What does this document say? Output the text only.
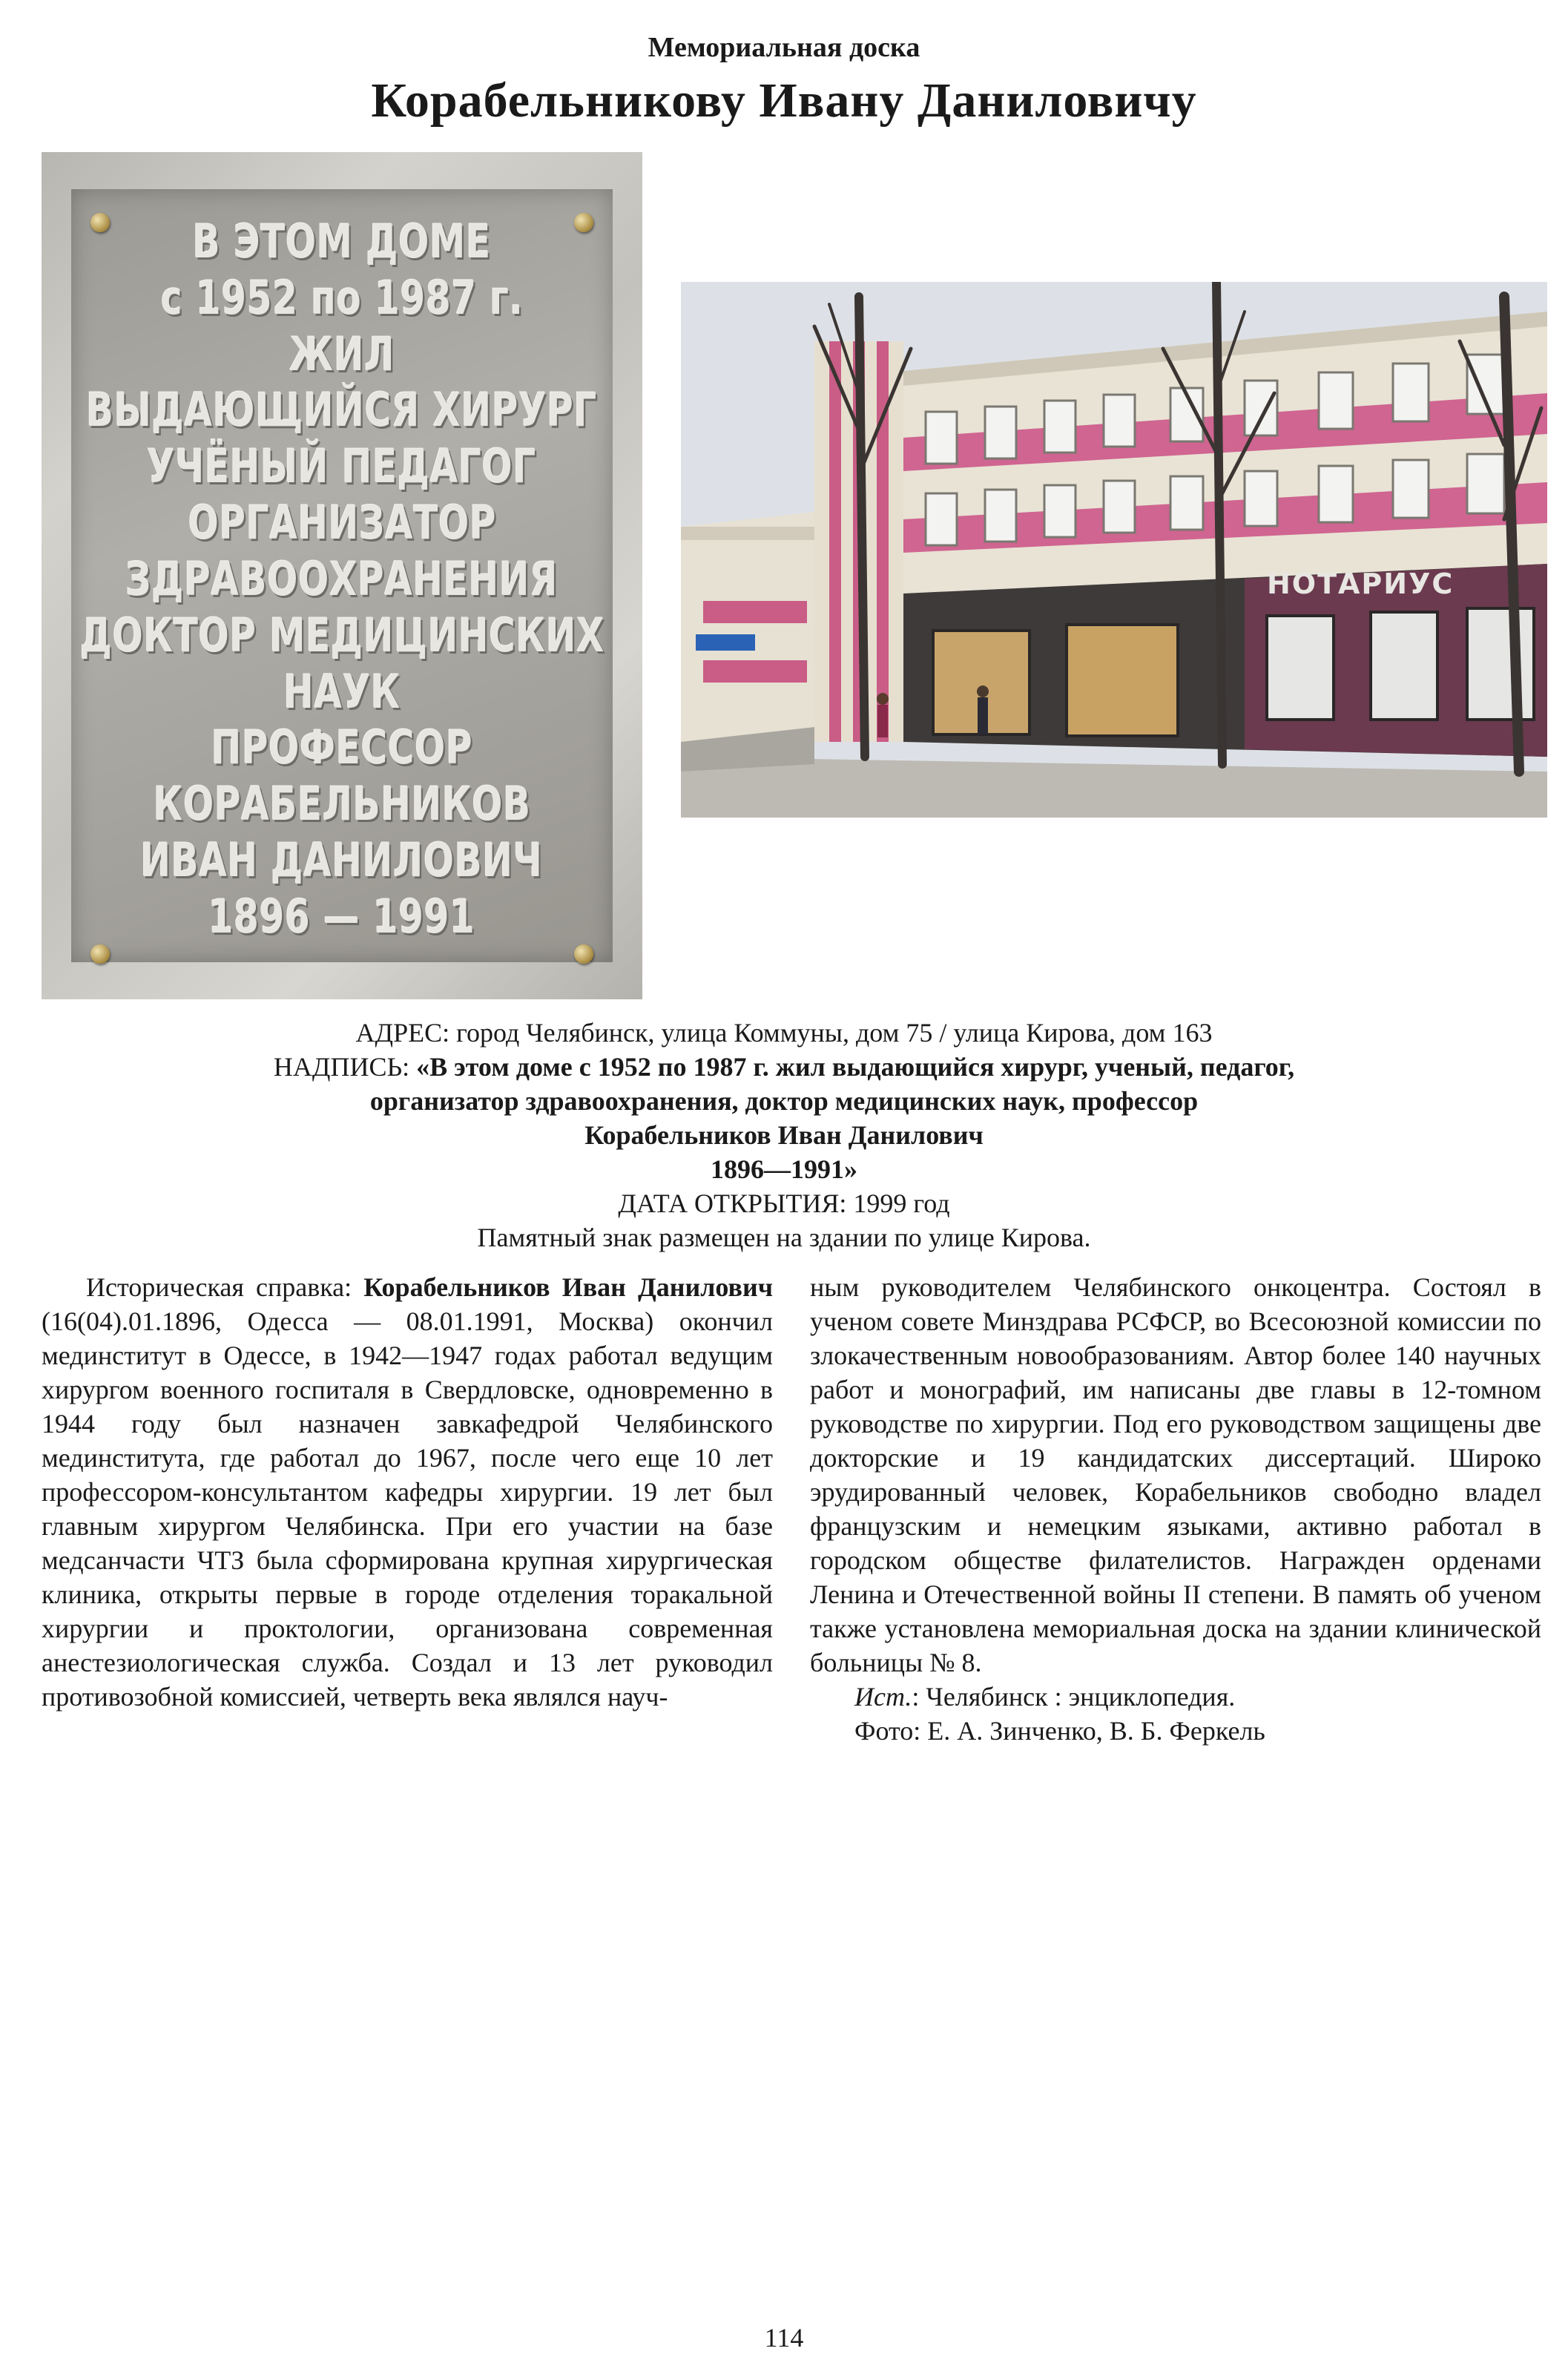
Мемориальная доска
Корабельникову Ивану Даниловичу
В ЭТОМ ДОМЕ
с 1952 по 1987 г.
ЖИЛ
ВЫДАЮЩИЙСЯ ХИРУРГ
УЧЁНЫЙ ПЕДАГОГ
ОРГАНИЗАТОР
ЗДРАВООХРАНЕНИЯ
ДОКТОР МЕДИЦИНСКИХ
НАУК
ПРОФЕССОР
КОРАБЕЛЬНИКОВ
ИВАН ДАНИЛОВИЧ
1896 — 1991
НОТАРИУС
АДРЕС: город Челябинск, улица Коммуны, дом 75 / улица Кирова, дом 163
НАДПИСЬ: «В этом доме с 1952 по 1987 г. жил выдающийся хирург, ученый, педагог,
организатор здравоохранения, доктор медицинских наук, профессор
Корабельников Иван Данилович
1896—1991»
ДАТА ОТКРЫТИЯ: 1999 год
Памятный знак размещен на здании по улице Кирова.

Историческая справка: Корабельников Иван Данилович (16(04).01.1896, Одесса — 08.01.1991, Москва) окончил мединститут в Одессе, в 1942—1947 годах работал ведущим хирургом военного госпиталя в Свердловске, одновременно в 1944 году был назначен завкафедрой Челябинского мединститута, где работал до 1967, после чего еще 10 лет профессором-консультантом кафедры хирургии. 19 лет был главным хирургом Челябинска. При его участии на базе медсанчасти ЧТЗ была сформирована крупная хирургическая клиника, открыты первые в городе отделения торакальной хирургии и проктологии, организована современная анестезиологическая служба. Создал и 13 лет руководил противозобной комиссией, четверть века являлся науч-

ным руководителем Челябинского онкоцентра. Состоял в ученом совете Минздрава РСФСР, во Всесоюзной комиссии по злокачественным новообразованиям. Автор более 140 научных работ и монографий, им написаны две главы в 12-томном руководстве по хирургии. Под его руководством защищены две докторские и 19 кандидатских диссертаций. Широко эрудированный человек, Корабельников свободно владел французским и немецким языками, активно работал в городском обществе филателистов. Награжден орденами Ленина и Отечественной войны II степени. В память об ученом также установлена мемориальная доска на здании клинической больницы № 8.

Ист.: Челябинск : энциклопедия.

Фото: Е. А. Зинченко, В. Б. Феркель

114
